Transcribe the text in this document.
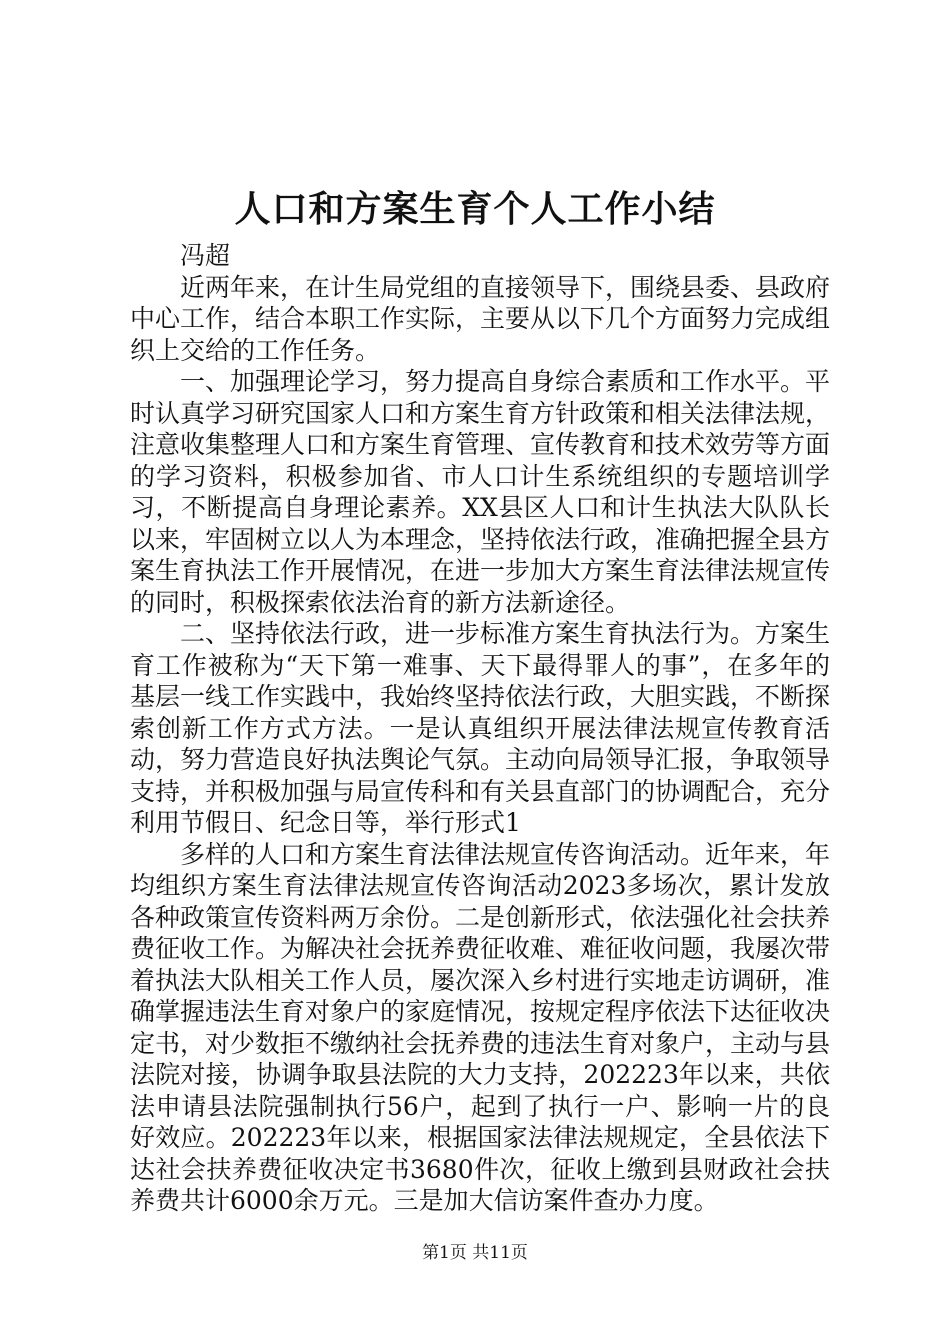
人口和方案生育个人工作小结

冯超

近两年来，在计生局党组的直接领导下，围绕县委、县政府中心工作，结合本职工作实际，主要从以下几个方面努力完成组织上交给的工作任务。

一、加强理论学习，努力提高自身综合素质和工作水平。平时认真学习研究国家人口和方案生育方针政策和相关法律法规，注意收集整理人口和方案生育管理、宣传教育和技术效劳等方面的学习资料，积极参加省、市人口计生系统组织的专题培训学习，不断提高自身理论素养。XX县区人口和计生执法大队队长以来，牢固树立以人为本理念，坚持依法行政，准确把握全县方案生育执法工作开展情况，在进一步加大方案生育法律法规宣传的同时，积极探索依法治育的新方法新途径。

二、坚持依法行政，进一步标准方案生育执法行为。方案生育工作被称为“天下第一难事、天下最得罪人的事”，在多年的基层一线工作实践中，我始终坚持依法行政，大胆实践，不断探索创新工作方式方法。一是认真组织开展法律法规宣传教育活动，努力营造良好执法舆论气氛。主动向局领导汇报，争取领导支持，并积极加强与局宣传科和有关县直部门的协调配合，充分利用节假日、纪念日等，举行形式1

多样的人口和方案生育法律法规宣传咨询活动。近年来，年均组织方案生育法律法规宣传咨询活动2023多场次，累计发放各种政策宣传资料两万余份。二是创新形式，依法强化社会扶养费征收工作。为解决社会抚养费征收难、难征收问题，我屡次带着执法大队相关工作人员，屡次深入乡村进行实地走访调研，准确掌握违法生育对象户的家庭情况，按规定程序依法下达征收决定书，对少数拒不缴纳社会抚养费的违法生育对象户，主动与县法院对接，协调争取县法院的大力支持，202223年以来，共依法申请县法院强制执行56户，起到了执行一户、影响一片的良好效应。202223年以来，根据国家法律法规规定，全县依法下达社会扶养费征收决定书3680件次，征收上缴到县财政社会扶养费共计6000余万元。三是加大信访案件查办力度。

第1页 共11页
